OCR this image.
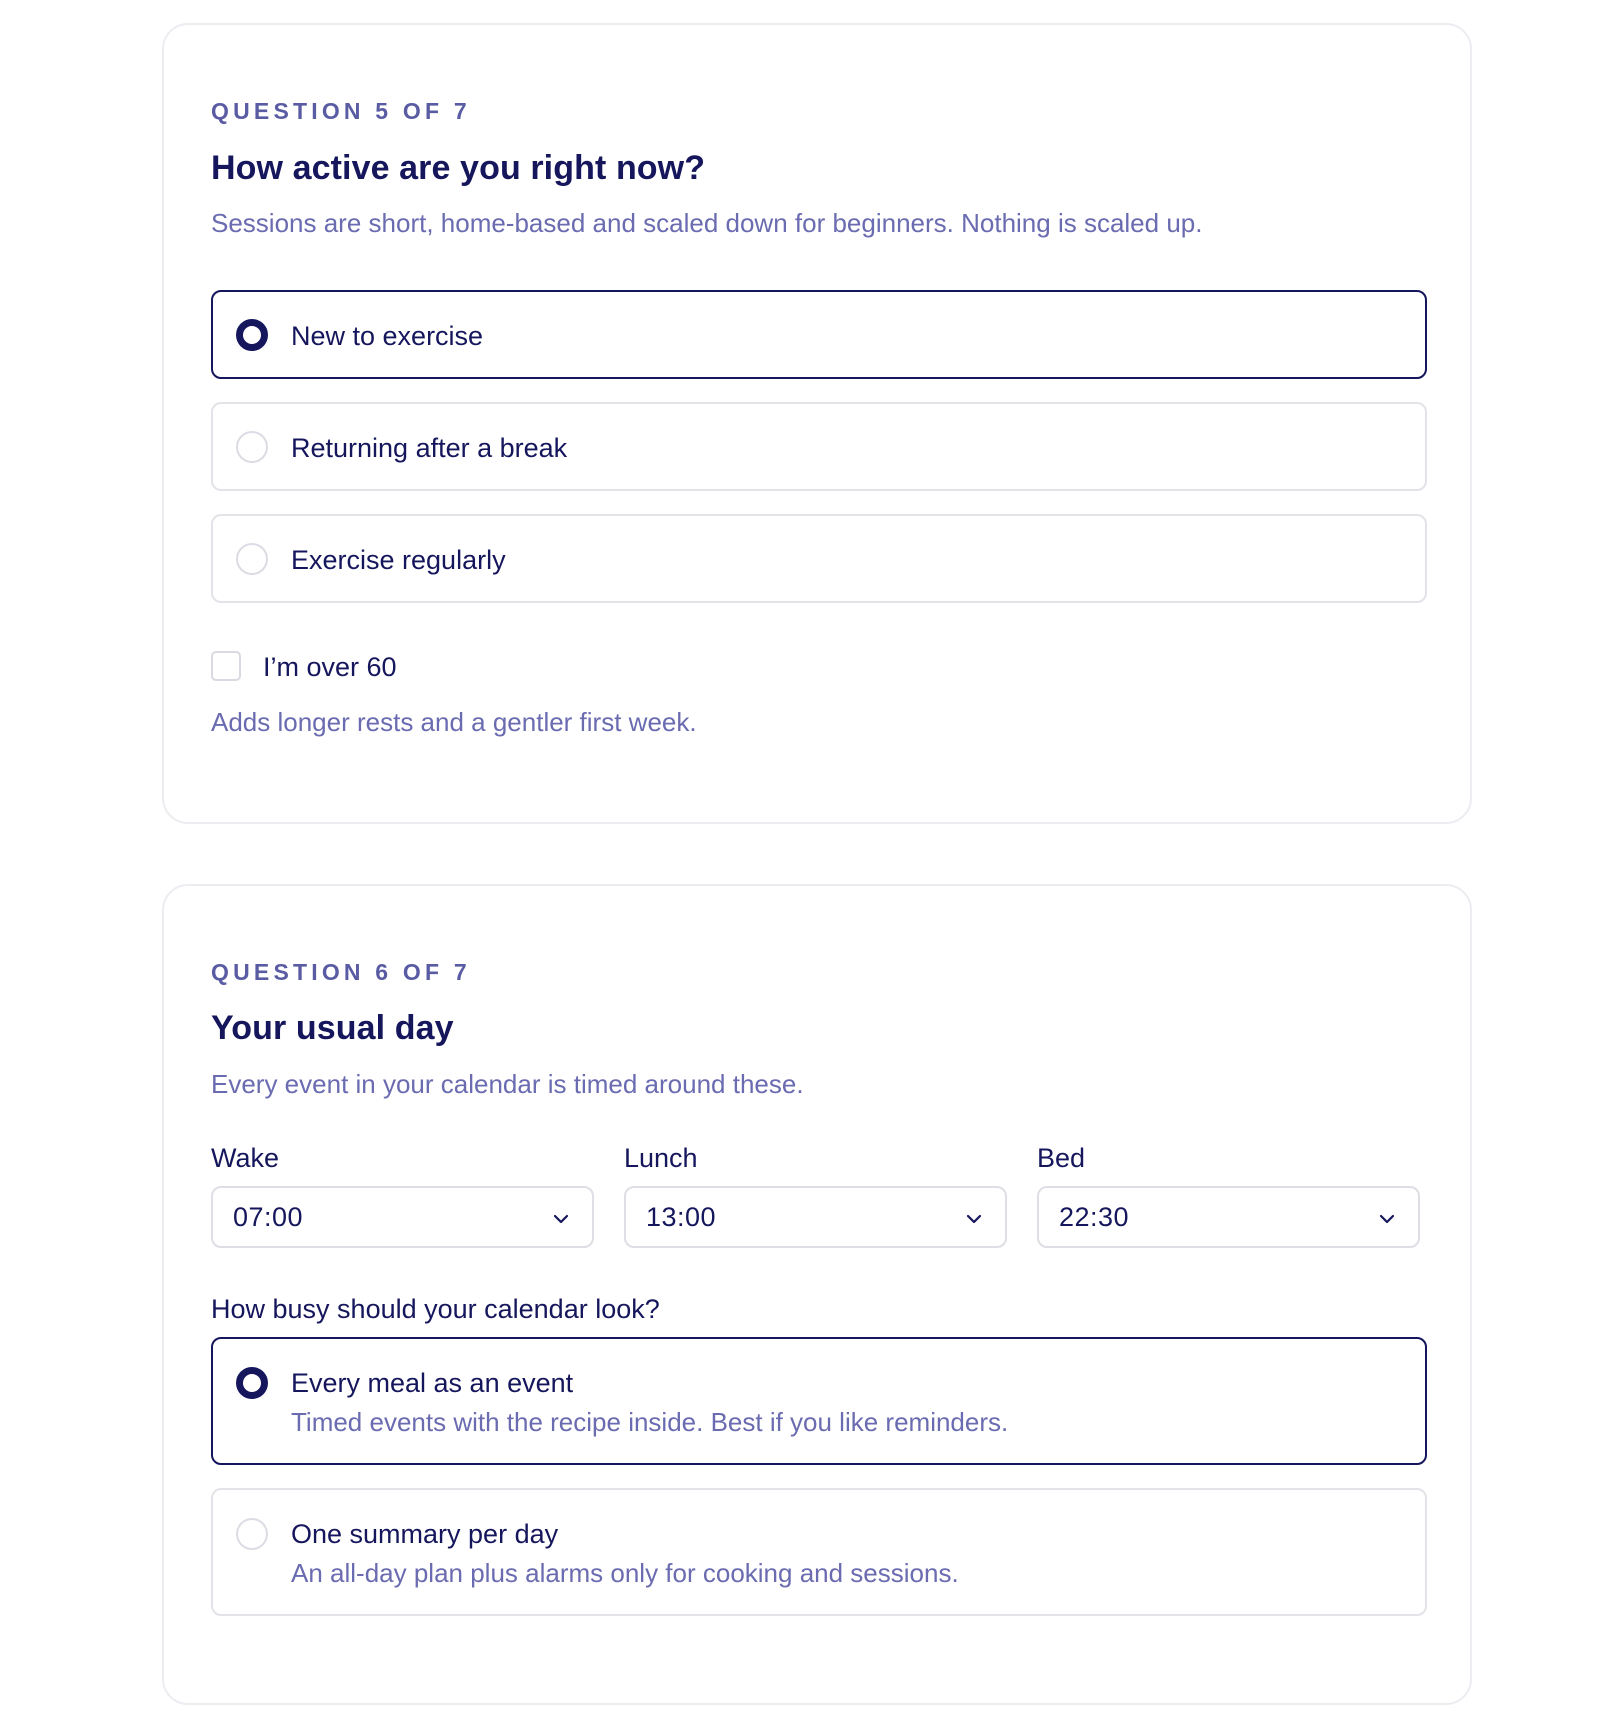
QUESTION 5 OF 7
How active are you right now?
Sessions are short, home-based and scaled down for beginners. Nothing is scaled up.
New to exercise
Returning after a break
Exercise regularly
I’m over 60
Adds longer rests and a gentler first week.
QUESTION 6 OF 7
Your usual day
Every event in your calendar is timed around these.
Wake
07:00
Lunch
13:00
Bed
22:30
How busy should your calendar look?
Every meal as an event
Timed events with the recipe inside. Best if you like reminders.
One summary per day
An all-day plan plus alarms only for cooking and sessions.
